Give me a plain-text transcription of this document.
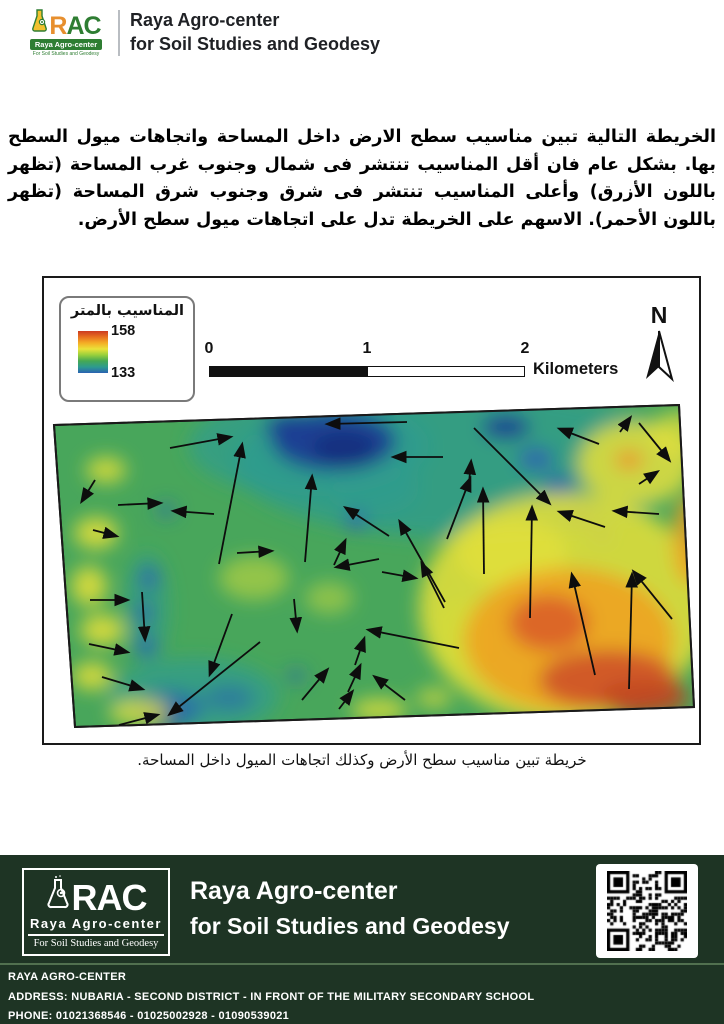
RAC
Raya Agro-center
For Soil Studies and Geodesy
Raya Agro-center
for Soil Studies and Geodesy
الخريطة التالية تبين مناسيب سطح الارض داخل المساحة واتجاهات ميول السطح بها. بشكل عام فان أقل المناسيب تنتشر فى شمال وجنوب غرب المساحة (تظهر باللون الأزرق) وأعلى المناسيب تنتشر فى شرق وجنوب شرق المساحة (تظهر باللون الأحمر). الاسهم على الخريطة تدل على اتجاهات ميول سطح الأرض.
المناسيب بالمتر
158
133
0	1	2
Kilometers
N
خريطة تبين مناسيب سطح الأرض وكذلك اتجاهات الميول داخل المساحة.
RAC
Raya Agro-center
For Soil Studies and Geodesy
Raya Agro-center
for Soil Studies and Geodesy
RAYA AGRO-CENTER
ADDRESS: NUBARIA - SECOND DISTRICT - IN FRONT OF THE MILITARY SECONDARY SCHOOL
PHONE: 01021368546 - 01025002928 - 01090539021
